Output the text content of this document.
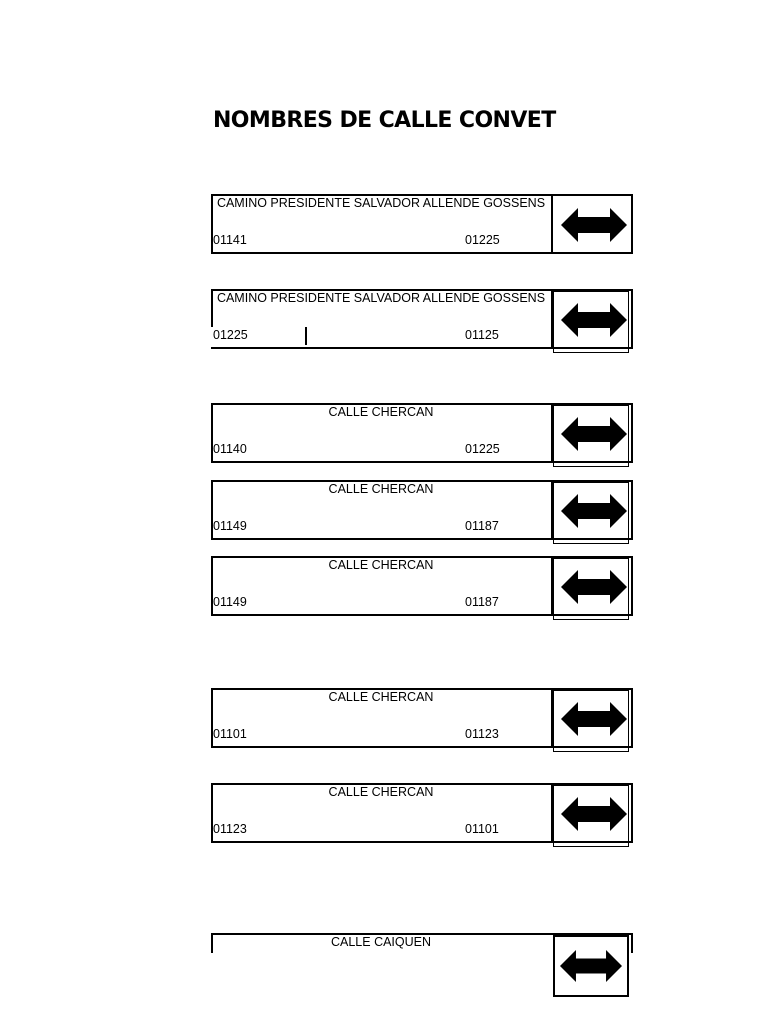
NOMBRES DE CALLE CONVET
CAMINO PRESIDENTE SALVADOR ALLENDE GOSSENS
01141	01225
CAMINO PRESIDENTE SALVADOR ALLENDE GOSSENS
01225	01125
CALLE CHERCAN
01140	01225
CALLE CHERCAN
01149	01187
CALLE CHERCAN
01149	01187
CALLE CHERCAN
01101	01123
CALLE CHERCAN
01123	01101
CALLE CAIQUEN
